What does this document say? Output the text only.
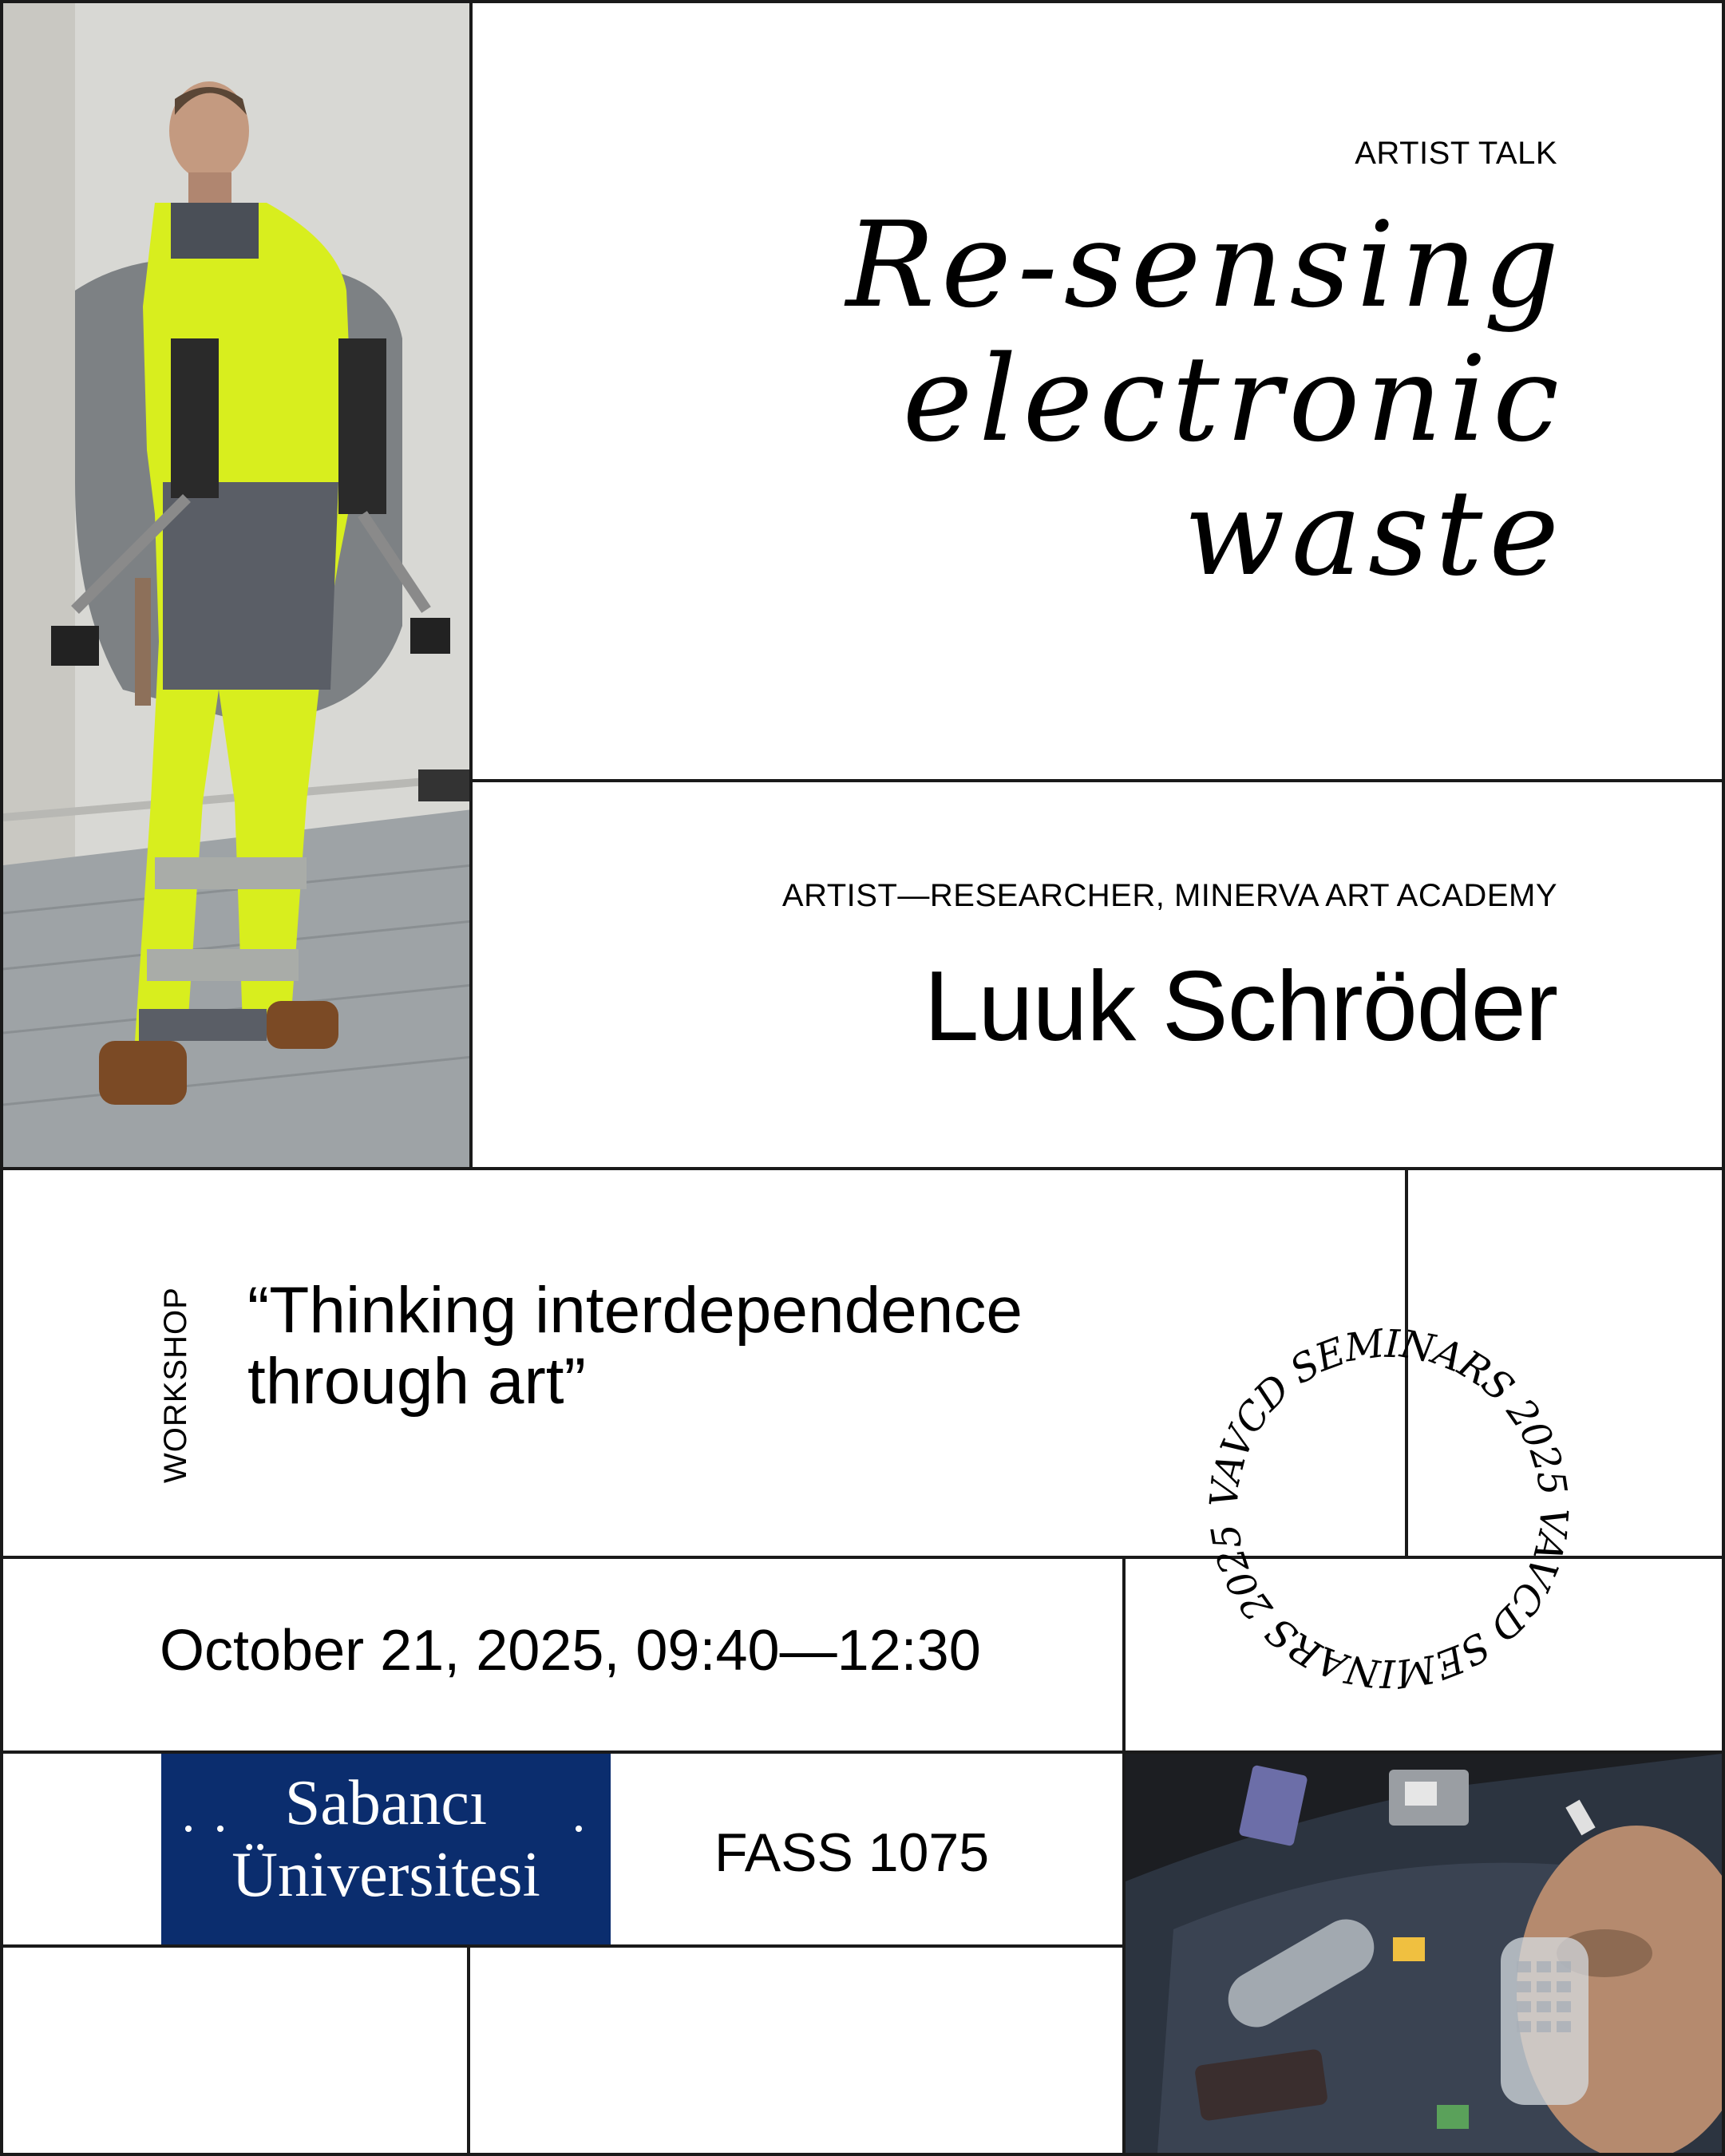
ARTIST TALK
Re-sensing
electronic
waste
ARTIST—RESEARCHER, MINERVA ART ACADEMY
Luuk Schröder
WORKSHOP “Thinking interdependence
through art”
VAVCD SEMINARS 2025 VAVCD SEMINARS 2025
October 21, 2025, 09:40—12:30
Sabancı
Üniversitesi	FASS 1075
